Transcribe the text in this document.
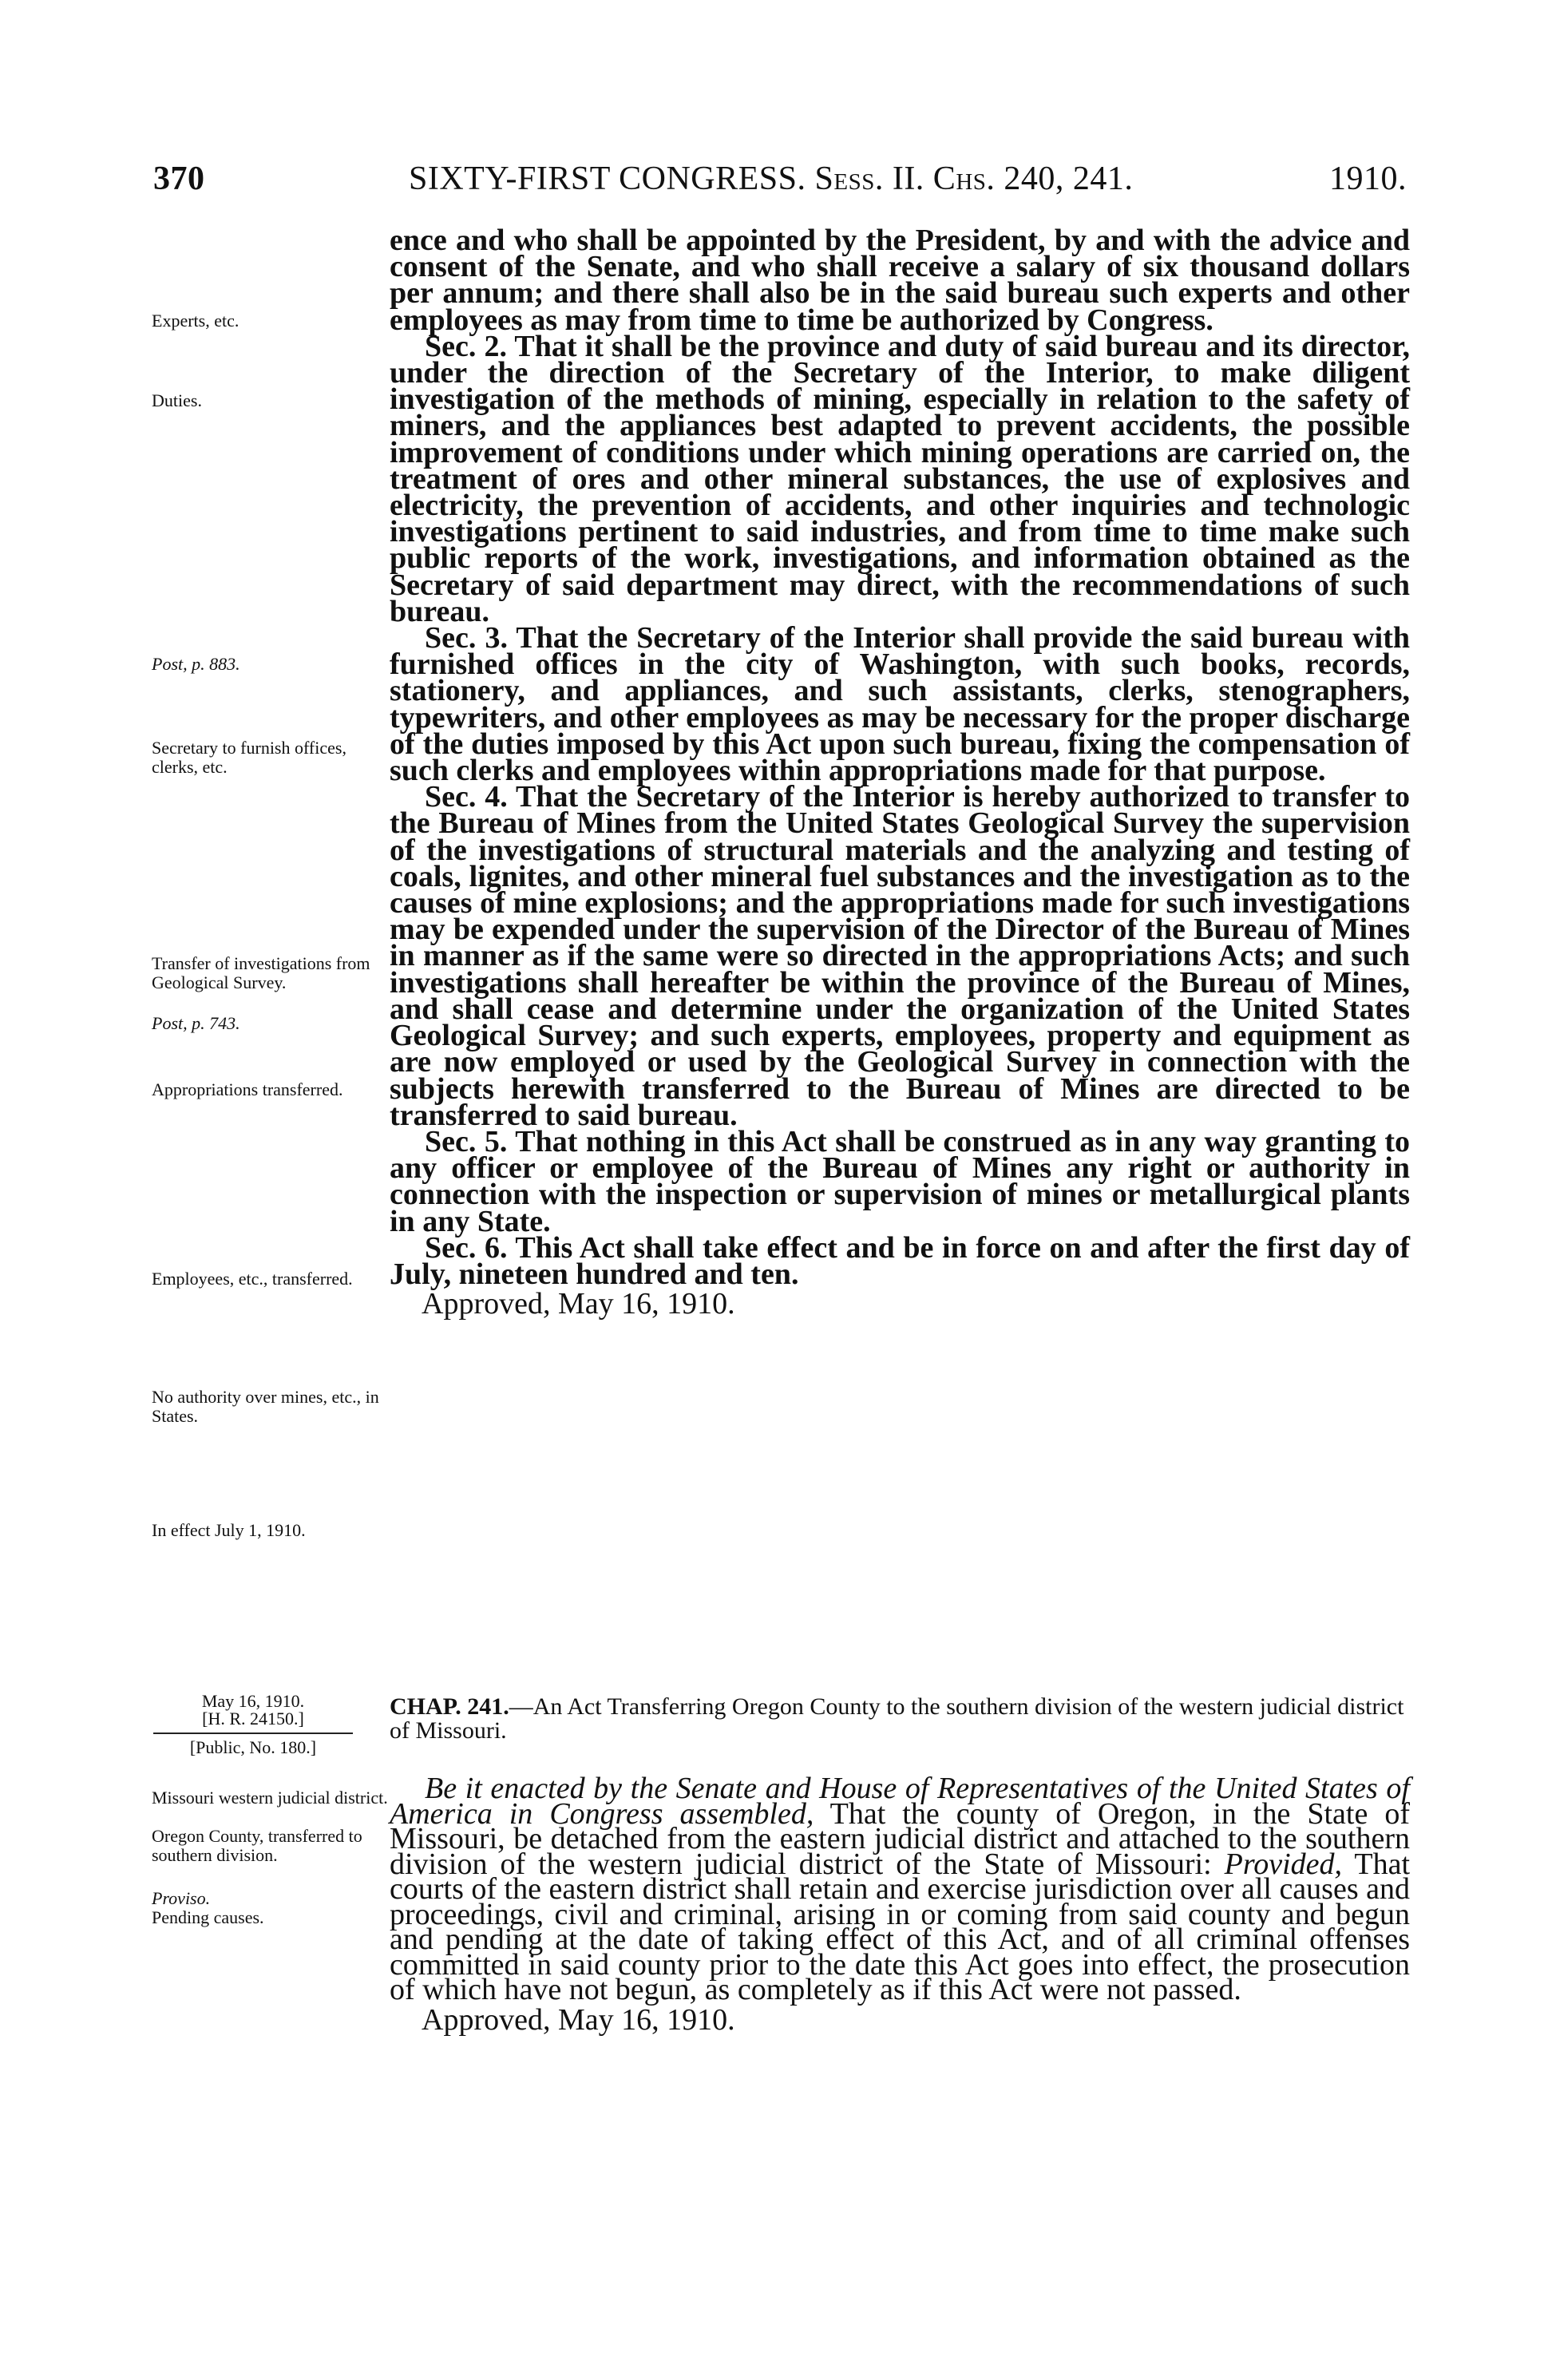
370	SIXTY-FIRST CONGRESS. Sess. II. Chs. 240, 241.	1910.
Experts, etc.
Duties.
Post, p. 883.
Secretary to furnish offices, clerks, etc.
Transfer of investigations from Geological Survey.
Post, p. 743.
Appropriations transferred.
Employees, etc., transferred.
No authority over mines, etc., in States.
In effect July 1, 1910.

ence and who shall be appointed by the President, by and with the advice and consent of the Senate, and who shall receive a salary of six thousand dollars per annum; and there shall also be in the said bureau such experts and other employees as may from time to time be authorized by Congress.

Sec. 2. That it shall be the province and duty of said bureau and its director, under the direction of the Secretary of the Interior, to make diligent investigation of the methods of mining, especially in relation to the safety of miners, and the appliances best adapted to prevent accidents, the possible improvement of conditions under which mining operations are carried on, the treatment of ores and other mineral substances, the use of explosives and electricity, the prevention of accidents, and other inquiries and technologic investigations pertinent to said industries, and from time to time make such public reports of the work, investigations, and information obtained as the Secretary of said department may direct, with the recommendations of such bureau.

Sec. 3. That the Secretary of the Interior shall provide the said bureau with furnished offices in the city of Washington, with such books, records, stationery, and appliances, and such assistants, clerks, stenographers, typewriters, and other employees as may be necessary for the proper discharge of the duties imposed by this Act upon such bureau, fixing the compensation of such clerks and employees within appropriations made for that purpose.

Sec. 4. That the Secretary of the Interior is hereby authorized to transfer to the Bureau of Mines from the United States Geological Survey the supervision of the investigations of structural materials and the analyzing and testing of coals, lignites, and other mineral fuel substances and the investigation as to the causes of mine explosions; and the appropriations made for such investigations may be expended under the supervision of the Director of the Bureau of Mines in manner as if the same were so directed in the appropriations Acts; and such investigations shall hereafter be within the province of the Bureau of Mines, and shall cease and determine under the organization of the United States Geological Survey; and such experts, employees, property and equipment as are now employed or used by the Geological Survey in connection with the subjects herewith transferred to the Bureau of Mines are directed to be transferred to said bureau.

Sec. 5. That nothing in this Act shall be construed as in any way granting to any officer or employee of the Bureau of Mines any right or authority in connection with the inspection or supervision of mines or metallurgical plants in any State.

Sec. 6. This Act shall take effect and be in force on and after the first day of July, nineteen hundred and ten.

Approved, May 16, 1910.

May 16, 1910.
[H. R. 24150.]
[Public, No. 180.]
Missouri western judicial district.
Oregon County, transferred to southern division.
Proviso.
Pending causes.
CHAP. 241.—An Act Transferring Oregon County to the southern division of the western judicial district of Missouri.

Be it enacted by the Senate and House of Representatives of the United States of America in Congress assembled, That the county of Oregon, in the State of Missouri, be detached from the eastern judicial district and attached to the southern division of the western judicial district of the State of Missouri: Provided, That courts of the eastern district shall retain and exercise jurisdiction over all causes and proceedings, civil and criminal, arising in or coming from said county and begun and pending at the date of taking effect of this Act, and of all criminal offenses committed in said county prior to the date this Act goes into effect, the prosecution of which have not begun, as completely as if this Act were not passed.

Approved, May 16, 1910.
